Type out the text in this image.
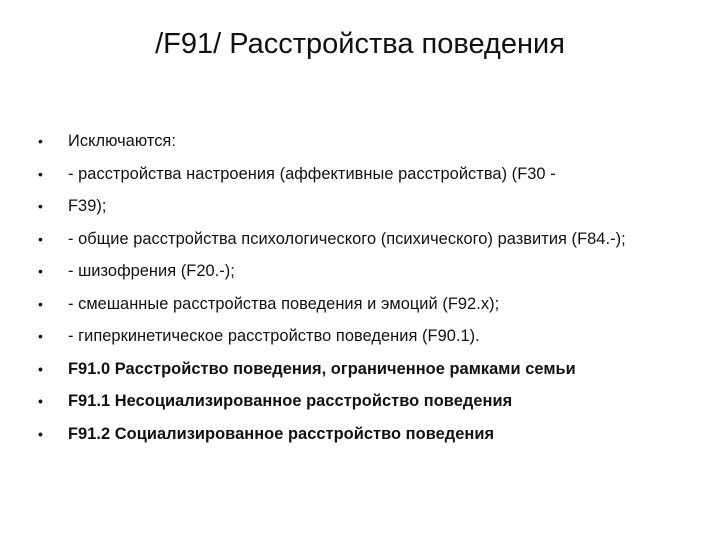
/F91/ Расстройства поведения
•	Исключаются:
•	- расстройства настроения (аффективные расстройства) (F30 -
•	F39);
•	- общие расстройства психологического (психического) развития (F84.-);
•	- шизофрения (F20.-);
•	- смешанные расстройства поведения и эмоций (F92.x);
•	- гиперкинетическое расстройство поведения (F90.1).
•	F91.0 Расстройство поведения, ограниченное рамками семьи
•	F91.1 Несоциализированное расстройство поведения
•	F91.2 Социализированное расстройство поведения
